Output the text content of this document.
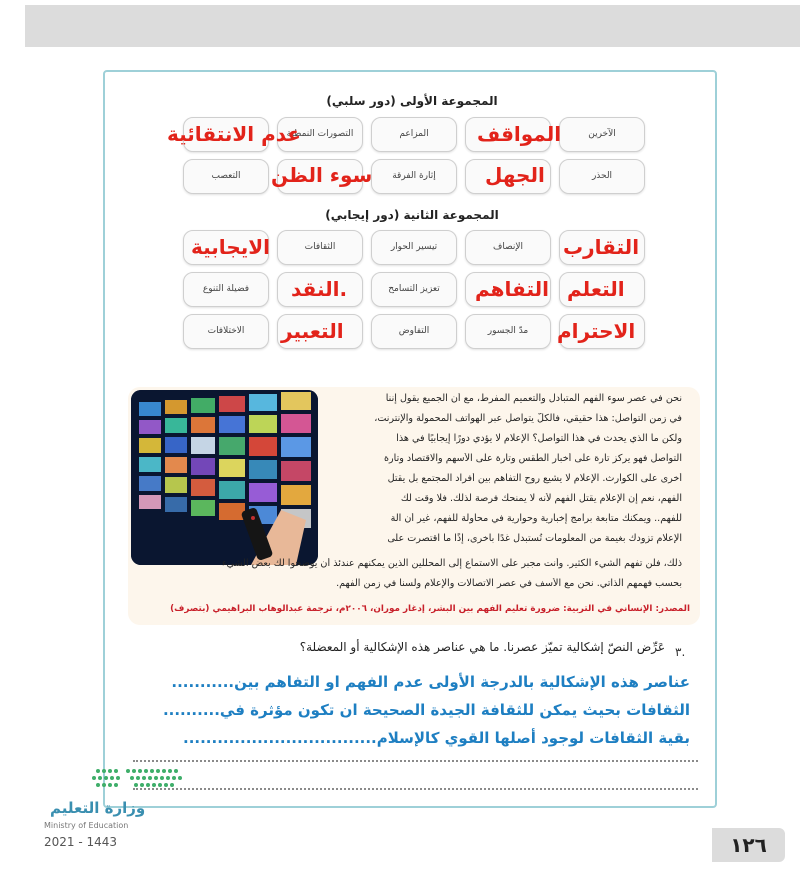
المجموعة الأولى (دور سلبي)
الآخرين
المواقف
المزاعم
التصورات النمطية
عدم الانتقائية
الحذر
الجهل
إثارة الفرقة
سوء الظن
التعصب
المجموعة الثانية (دور إيجابي)
التقارب
الإنصاف
تيسير الحوار
الثقافات
الايجابية
التعلم
التفاهم
تعزيز التسامح
.النقد
فضيلة التنوع
الاحترام
مدّ الجسور
التفاوض
التعبير
الاختلافات
نحن في عصر سوء الفهم المتبادل والتعميم المفرط، مع أن الجميع يقول إننا
في زمن التواصل: هذا حقيقي، فالكلُّ يتواصل عبر الهواتف المحمولة والإنترنت،
ولكن ما الذي يحدث في هذا التواصل؟ الإعلام لا يؤدي دورًا إيجابيًا في هذا
التواصل فهو يركز تارة على أخبار الطقس وتارة على الأسهم والاقتصاد وتارة
أخرى على الكوارث. الإعلام لا يشيع روح التفاهم بين أفراد المجتمع بل يقتل
الفهم، نعم إن الإعلام يقتل الفهم لأنه لا يمنحك فرصة لذلك. فلا وقت لك
للفهم.. ويمكنك متابعة برامج إخبارية وحوارية في محاولة للفهم، غير أن آلة
الإعلام تزودك بغيمة من المعلومات تُستبدل غدًا بأخرى، إذًا ما اقتصرت على
ذلك، فلن تفهم الشيء الكثير. وأنت مجبر على الاستماع إلى المحلّلين الذين يمكنهم عندئذ أن يوضحوا لك بعض الشيء
بحسب فهمهم الذاتي. نحن مع الأسف في عصر الاتصالات والإعلام ولسنا في زمن الفهم.
المصدر: الإنساني في التربية: ضرورة تعليم الفهم بين البشر، إدغار موران، ٢٠٠٦م، ترجمة عبدالوهاب البراهيمي (بتصرف)
٣.
عَرِّض النصّ إشكالية تميّز عصرنا. ما هي عناصر هذه الإشكالية أو المعضلة؟
عناصر هذه الإشكالية بالدرجة الأولى عدم الفهم او التفاهم بين...........
الثقافات بحيث يمكن للثقافة الجيدة الصحيحة ان تكون مؤثرة في..........
بقية الثقافات لوجود أصلها القوي كالإسلام..................................
وزارة التعليم
Ministry of Education
2021 - 1443	١٢٦
